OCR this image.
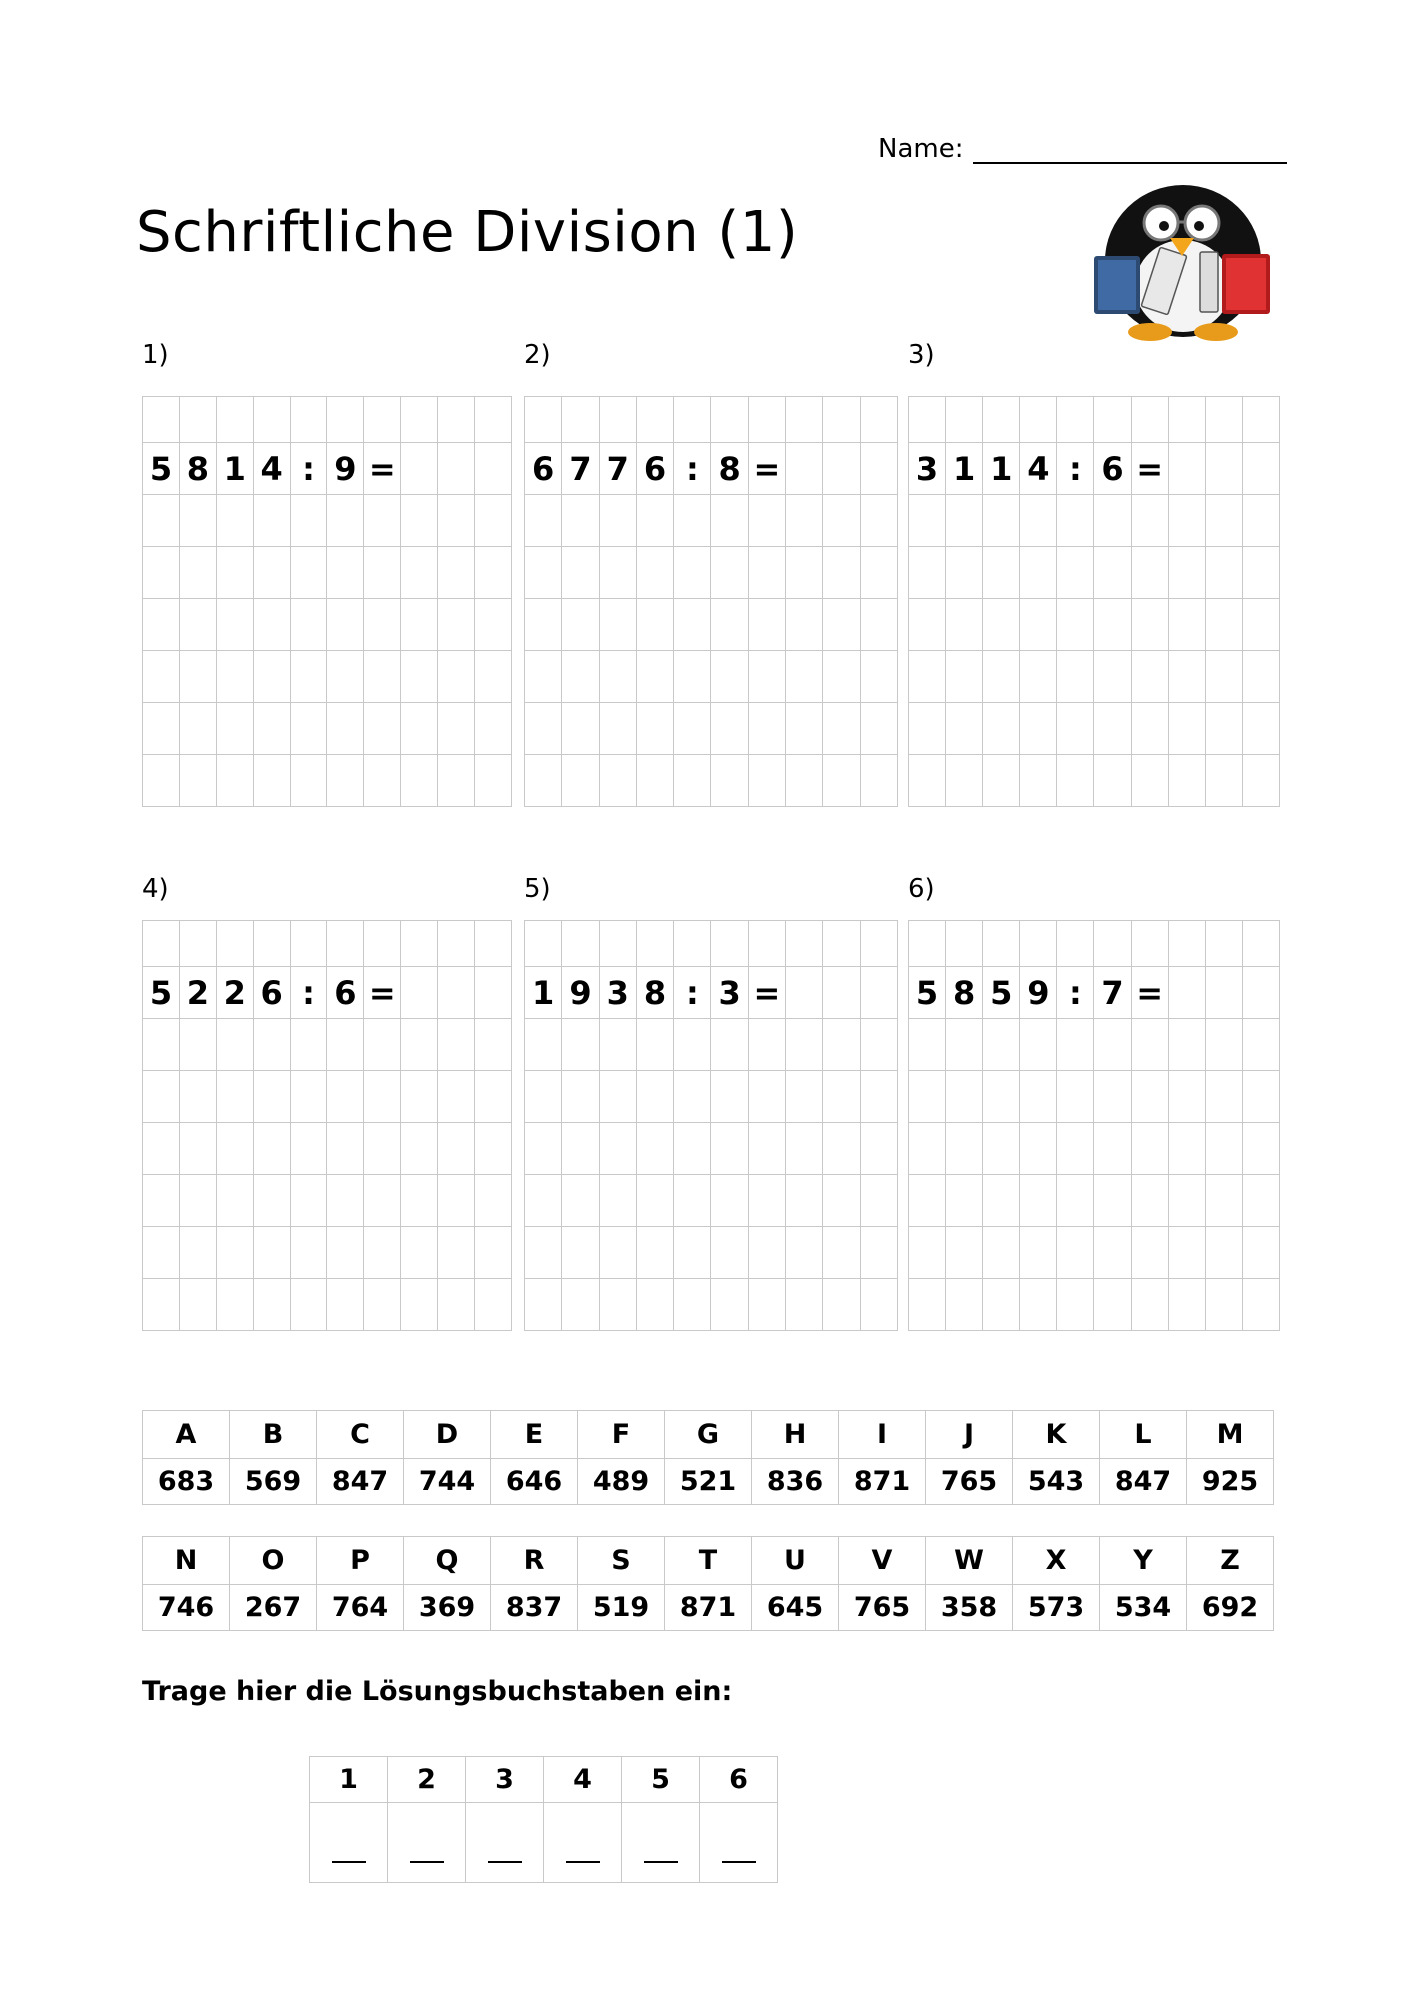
Name:
Schriftliche Division (1)
1)

5	8	1	4	:	9	=			

2)

6	7	7	6	:	8	=			

3)

3	1	1	4	:	6	=			

4)

5	2	2	6	:	6	=			

5)

1	9	3	8	:	3	=			

6)

5	8	5	9	:	7	=			

A	B	C	D	E	F	G	H	I	J	K	L	M
683	569	847	744	646	489	521	836	871	765	543	847	925
N	O	P	Q	R	S	T	U	V	W	X	Y	Z
746	267	764	369	837	519	871	645	765	358	573	534	692

Trage hier die Lösungsbuchstaben ein:

1	2	3	4	5	6
